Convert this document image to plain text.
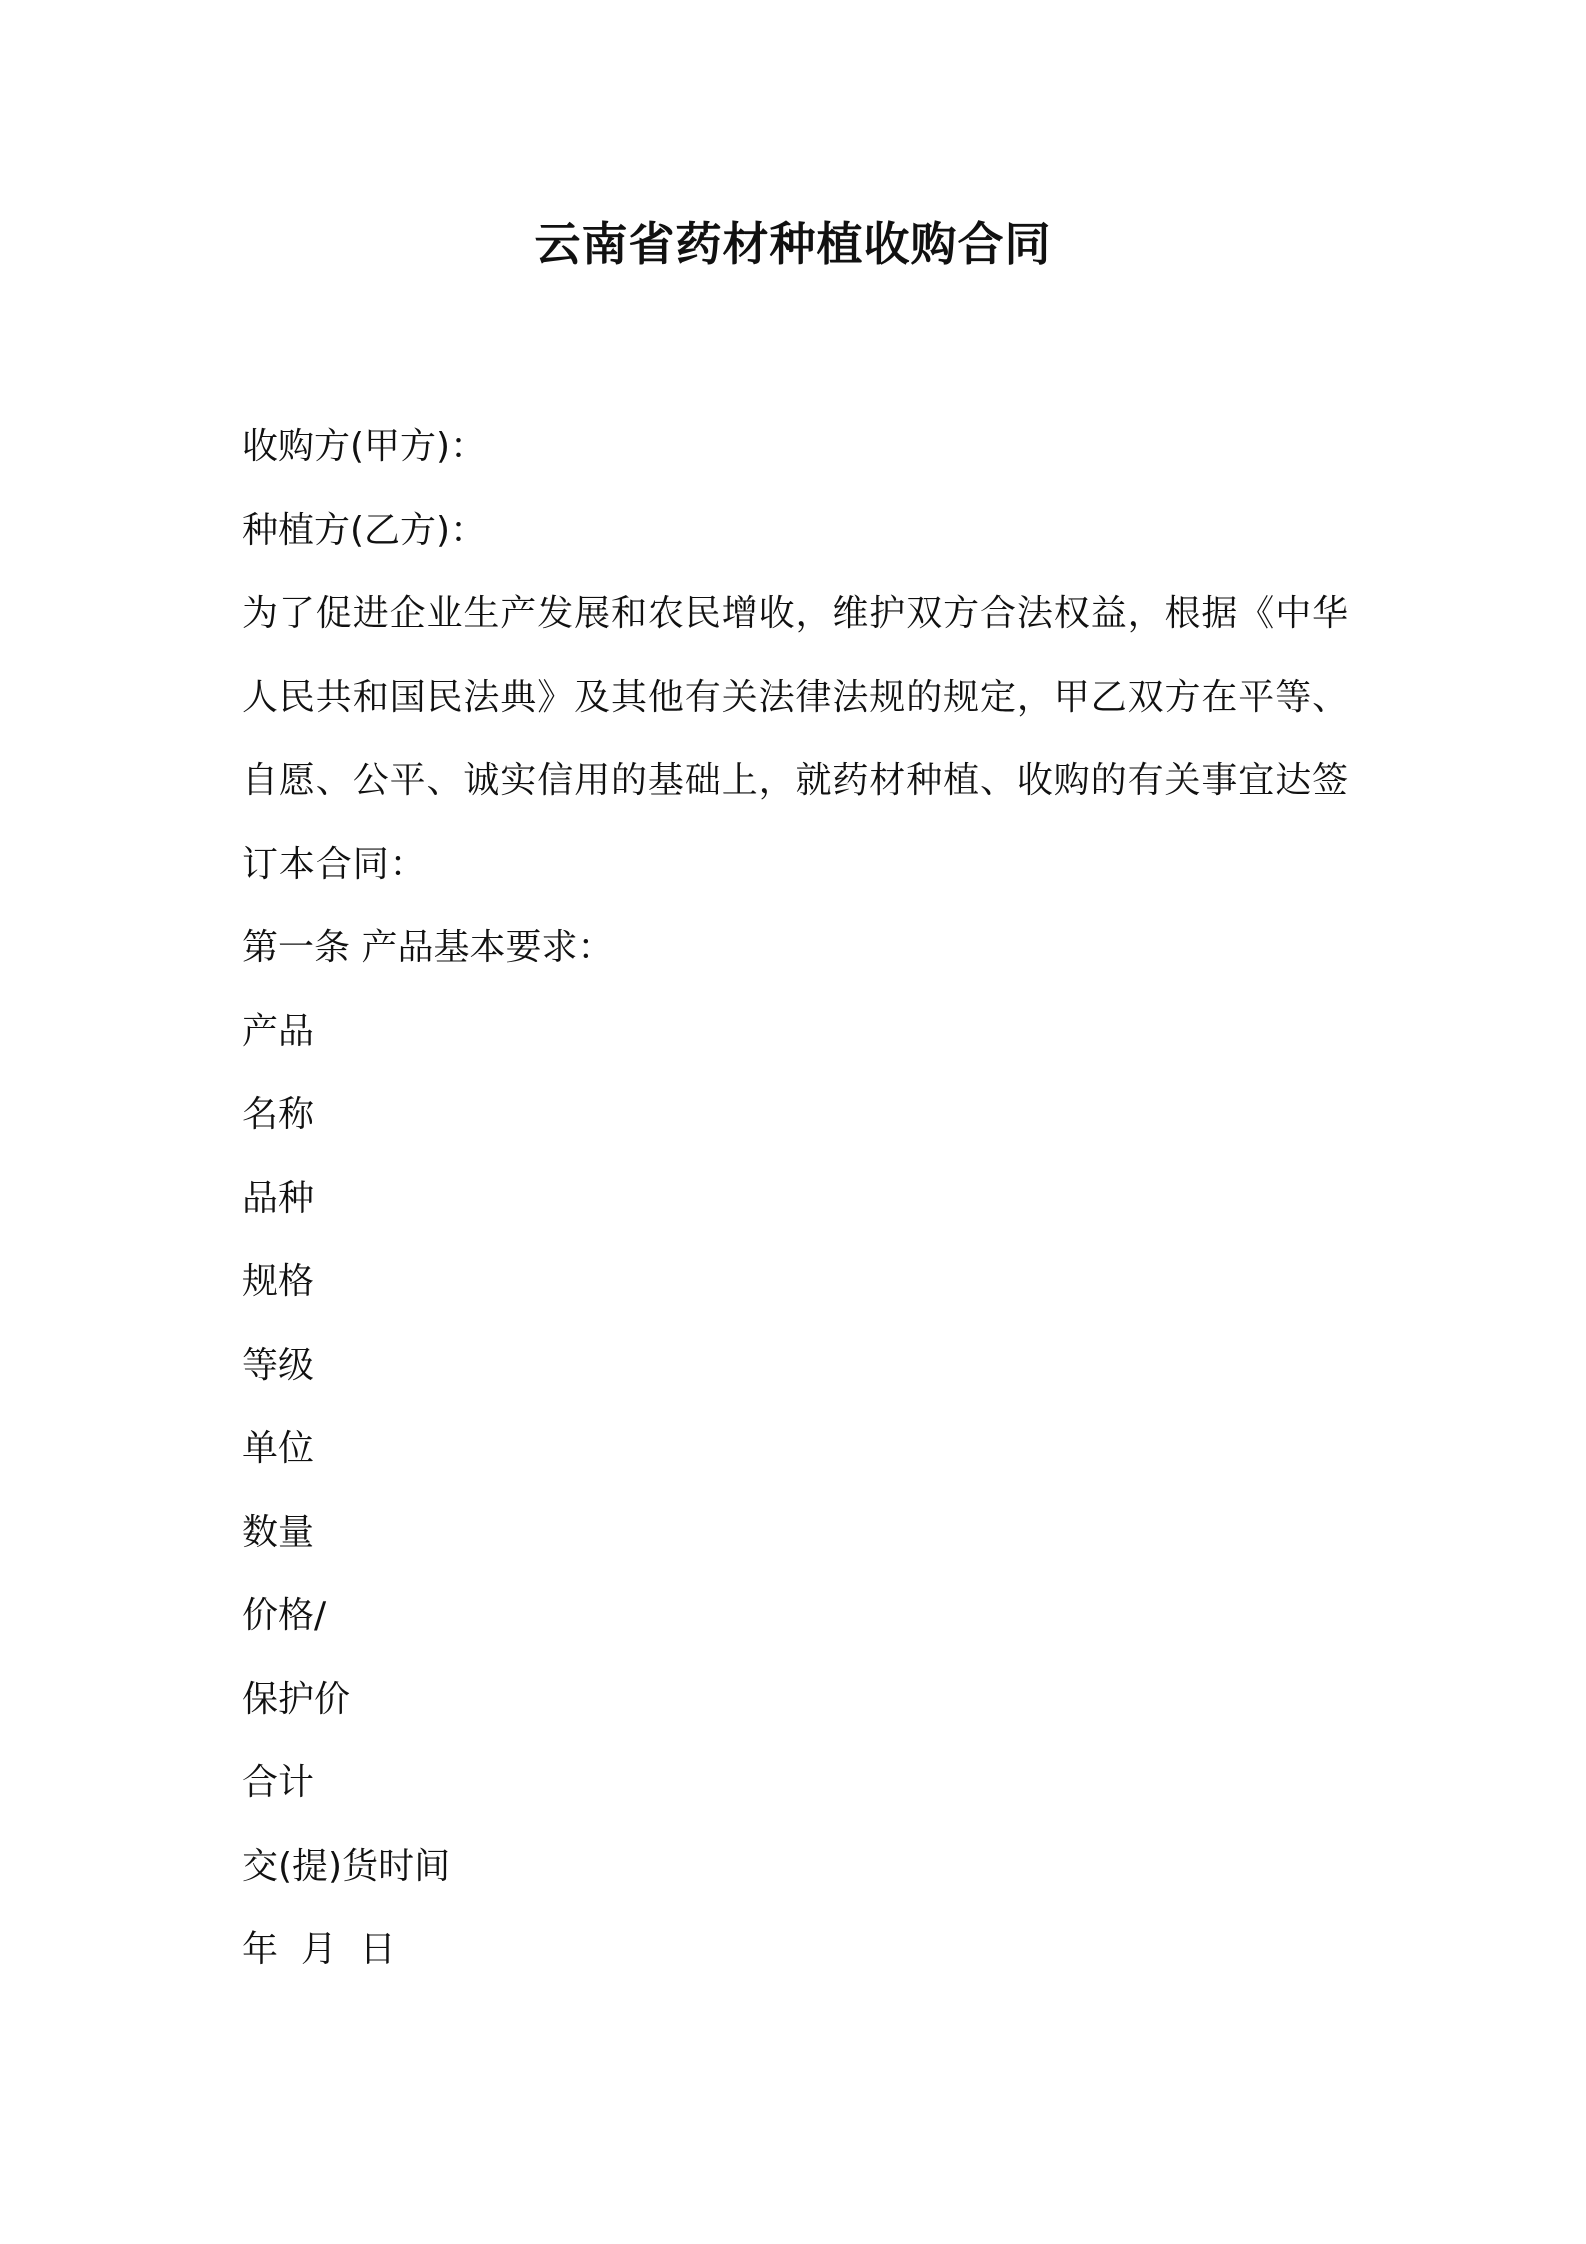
云南省药材种植收购合同
收购方(甲方)：
种植方(乙方)：
为了促进企业生产发展和农民增收，维护双方合法权益，根据《中华
人民共和国民法典》及其他有关法律法规的规定，甲乙双方在平等、
自愿、公平、诚实信用的基础上，就药材种植、收购的有关事宜达签
订本合同：
第一条 产品基本要求：
产品
名称
品种
规格
等级
单位
数量
价格/
保护价
合计
交(提)货时间
年  月  日
